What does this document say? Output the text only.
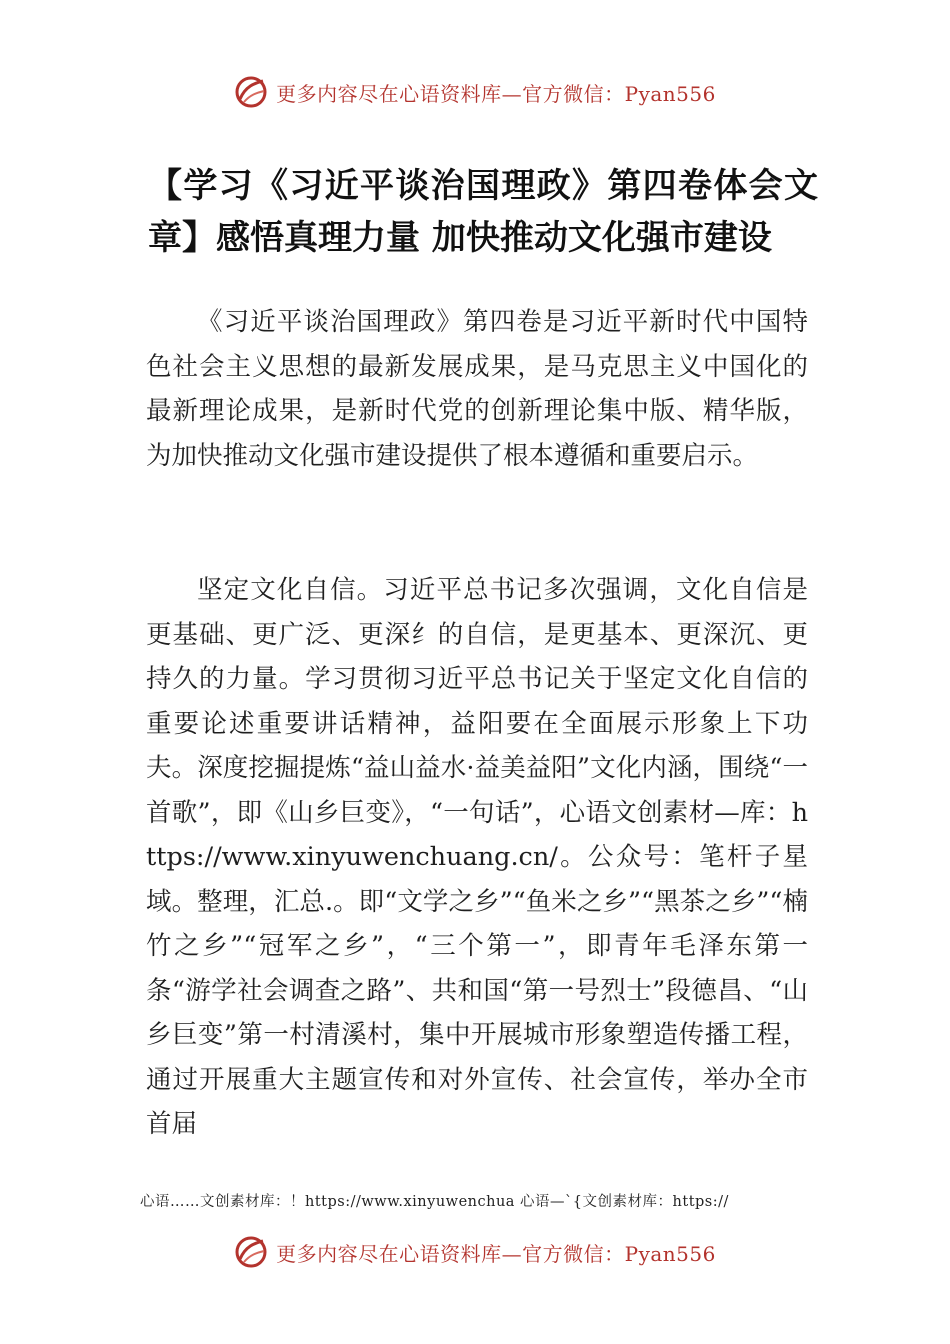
更多内容尽在心语资料库—官方微信：Pyan556
【学习《习近平谈治国理政》第四卷体会文章】感悟真理力量 加快推动文化强市建设

《习近平谈治国理政》第四卷是习近平新时代中国特色社会主义思想的最新发展成果，是马克思主义中国化的最新理论成果，是新时代党的创新理论集中版、精华版，为加快推动文化强市建设提供了根本遵循和重要启示。

坚定文化自信。习近平总书记多次强调，文化自信是更基础、更广泛、更深纟的自信，是更基本、更深沉、更持久的力量。学习贯彻习近平总书记关于坚定文化自信的重要论述重要讲话精神，益阳要在全面展示形象上下功夫。深度挖掘提炼“益山益水·益美益阳”文化内涵，围绕“一首歌”，即《山乡巨变》，“一句话”，心语文创素材—库：https://www.xinyuwenchuang.cn/。公众号：笔杆子星域。整理，汇总.。即“文学之乡”“鱼米之乡”“黑茶之乡”“楠竹之乡”“冠军之乡”，“三个第一”，即青年毛泽东第一条“游学社会调查之路”、共和国“第一号烈士”段德昌、“山乡巨变”第一村清溪村，集中开展城市形象塑造传播工程，通过开展重大主题宣传和对外宣传、社会宣传，举办全市首届

心语……文创素材库：！https://www.xinyuwenchua 心语—`{文创素材库：https://
更多内容尽在心语资料库—官方微信：Pyan556
